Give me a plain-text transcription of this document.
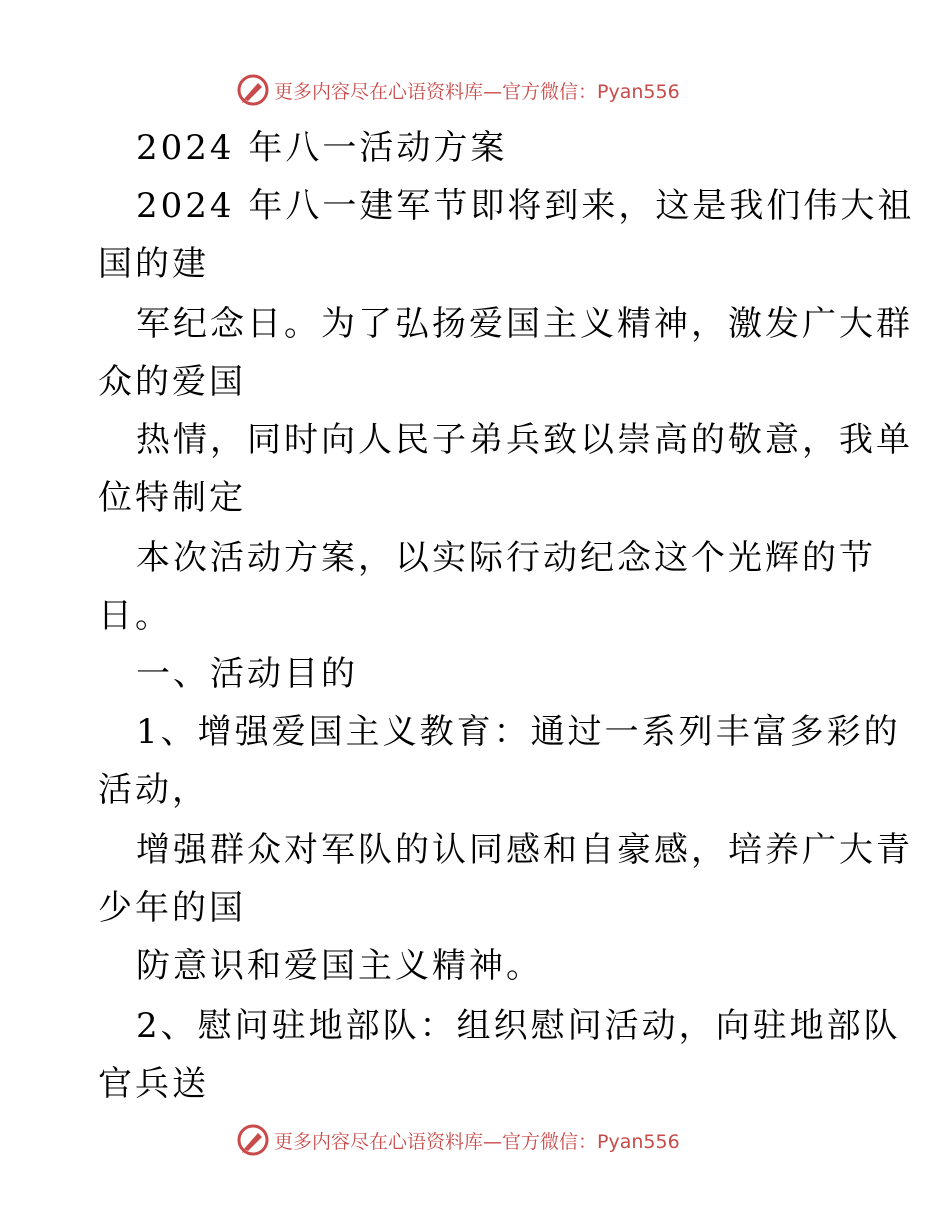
更多内容尽在心语资料库—官方微信：Pyan556
2024 年八一活动方案
2024 年八一建军节即将到来，这是我们伟大祖
国的建
军纪念日。为了弘扬爱国主义精神，激发广大群
众的爱国
热情，同时向人民子弟兵致以崇高的敬意，我单
位特制定
本次活动方案，以实际行动纪念这个光辉的节
日。
一、活动目的
1、增强爱国主义教育：通过一系列丰富多彩的
活动，
增强群众对军队的认同感和自豪感，培养广大青
少年的国
防意识和爱国主义精神。
2、慰问驻地部队：组织慰问活动，向驻地部队
官兵送
更多内容尽在心语资料库—官方微信：Pyan556
